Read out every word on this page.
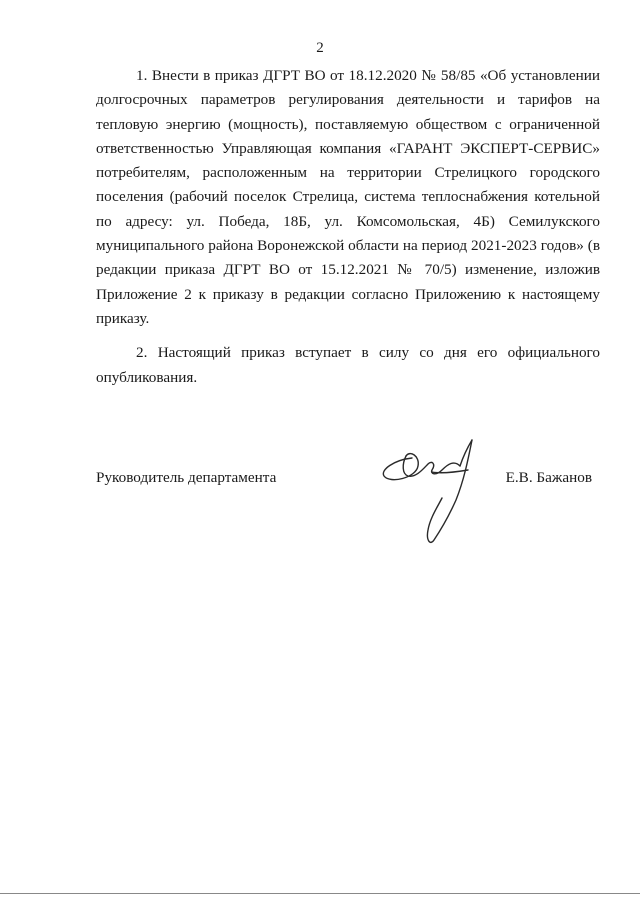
2

1. Внести в приказ ДГРТ ВО от 18.12.2020 № 58/85 «Об установлении долгосрочных параметров регулирования деятельности и тарифов на тепловую энергию (мощность), поставляемую обществом с ограниченной ответственностью Управляющая компания «ГАРАНТ ЭКСПЕРТ-СЕРВИС» потребителям, расположенным на территории Стрелицкого городского поселения (рабочий поселок Стрелица, система теплоснабжения котельной по адресу: ул. Победа, 18Б, ул. Комсомольская, 4Б) Семилукского муниципального района Воронежской области на период 2021-2023 годов» (в редакции приказа ДГРТ ВО от 15.12.2021 № 70/5) изменение, изложив Приложение 2 к приказу в редакции согласно Приложению к настоящему приказу.

2. Настоящий приказ вступает в силу со дня его официального опубликования.

Руководитель департамента	Е.В. Бажанов
